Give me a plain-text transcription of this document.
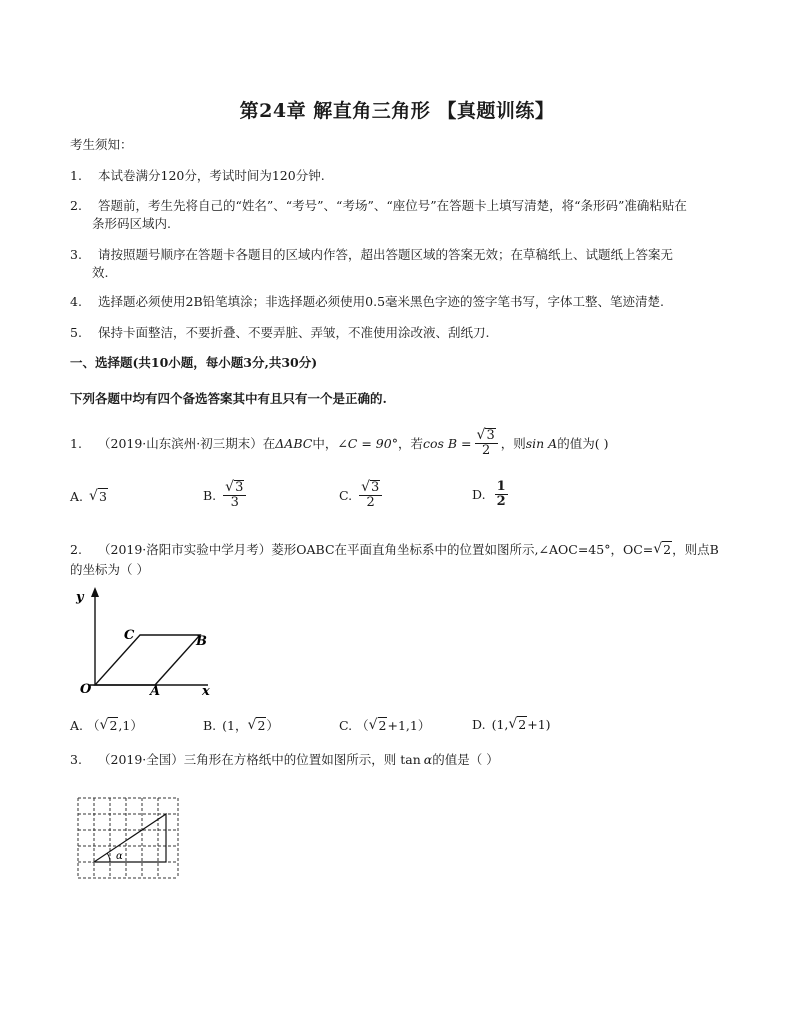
第24章 解直角三角形 【真题训练】
考生须知：
1. 本试卷满分120分，考试时间为120分钟.
2. 答题前，考生先将自己的“姓名”、“考号”、“考场”、“座位号”在答题卡上填写清楚，将“条形码”准确粘贴在
条形码区域内.
3. 请按照题号顺序在答题卡各题目的区域内作答，超出答题区域的答案无效；在草稿纸上、试题纸上答案无
效.
4. 选择题必须使用2B铅笔填涂；非选择题必须使用0.5毫米黑色字迹的签字笔书写，字体工整、笔迹清楚.
5. 保持卡面整洁，不要折叠、不要弄脏、弄皱，不准使用涂改液、刮纸刀.
一、选择题(共10小题，每小题3分,共30分)
下列各题中均有四个备选答案其中有且只有一个是正确的.
1.	（2019·山东滨州·初三期末）在 ΔABC 中， ∠C = 90° ，若 $\cos B = \frac{√ 3}{2}$ ，则 sin A 的值为( )
A. √ 3	B. $\frac{√ 3}{3}$	C. $\frac{√ 3}{2}$	D. $\frac{1}{2}$
2.	（2019·洛阳市实验中学月考）菱形OABC在平面直角坐标系中的位置如图所示,∠AOC=45°，OC= √ 2 ，则点B
的坐标为（ ）
y
x
O	A
B
C
A. （ √ 2 ,1）	B. (1， √ 2 ）	C. （ √ 2 +1,1）	D. (1, √ 2 +1)
3.	（2019·全国）三角形在方格纸中的位置如图所示，则 tan α 的值是（ ）
α
